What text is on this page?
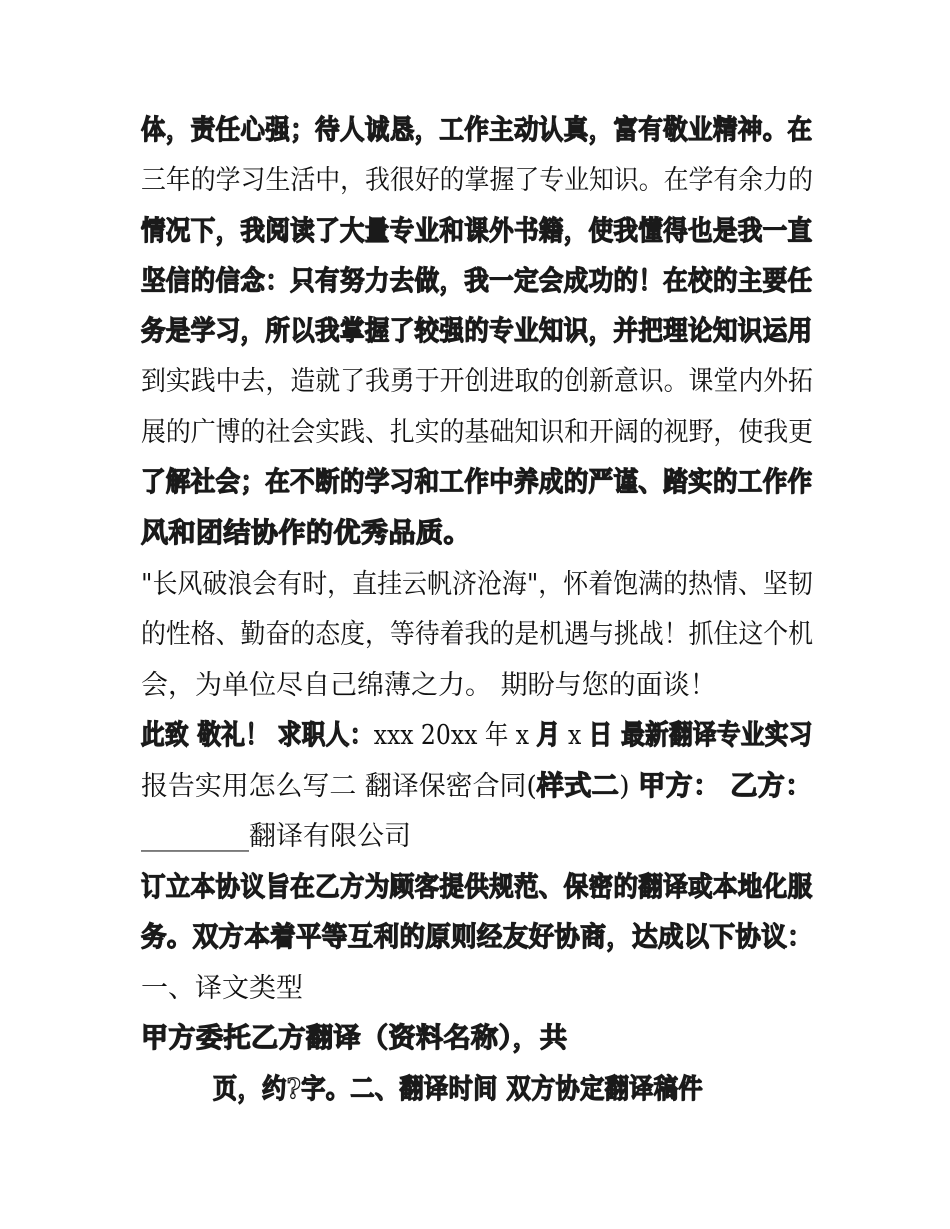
体，责任心强；待人诚恳，工作主动认真，富有敬业精神。在
三年的学习生活中，我很好的掌握了专业知识。在学有余力的
情况下，我阅读了大量专业和课外书籍，使我懂得也是我一直
坚信的信念：只有努力去做，我一定会成功的！在校的主要任
务是学习，所以我掌握了较强的专业知识，并把理论知识运用
到实践中去，造就了我勇于开创进取的创新意识。课堂内外拓
展的广博的社会实践、扎实的基础知识和开阔的视野，使我更
了解社会；在不断的学习和工作中养成的严谨、踏实的工作作
风和团结协作的优秀品质。
"长风破浪会有时，直挂云帆济沧海"，怀着饱满的热情、坚韧
的性格、勤奋的态度，等待着我的是机遇与挑战！抓住这个机
会，为单位尽自己绵薄之力。 期盼与您的面谈！
此致 敬礼！ 求职人：xxx 20xx 年 x 月 x 日 最新翻译专业实习
报告实用怎么写二 翻译保密合同(样式二) 甲方： 乙方：
________翻译有限公司
订立本协议旨在乙方为顾客提供规范、保密的翻译或本地化服
务。双方本着平等互利的原则经友好协商，达成以下协议：
一、译文类型
甲方委托乙方翻译（资料名称），共
页，约?字。二、翻译时间 双方协定翻译稿件
